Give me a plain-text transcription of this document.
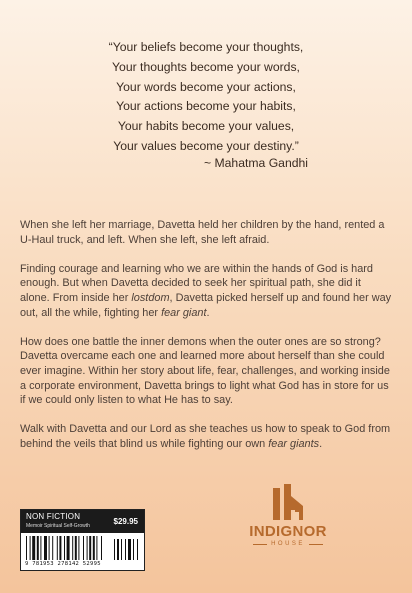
“Your beliefs become your thoughts,
Your thoughts become your words,
Your words become your actions,
Your actions become your habits,
Your habits become your values,
Your values become your destiny.”
~ Mahatma Gandhi

When she left her marriage, Davetta held her children by the hand, rented a U-Haul truck, and left. When she left, she left afraid.

Finding courage and learning who we are within the hands of God is hard enough. But when Davetta decided to seek her spiritual path, she did it alone. From inside her lostdom, Davetta picked herself up and found her way out, all the while, fighting her fear giant.

How does one battle the inner demons when the outer ones are so strong? Davetta overcame each one and learned more about herself than she could ever imagine. Within her story about life, fear, challenges, and working inside a corporate environment, Davetta brings to light what God has in store for us if we could only listen to what He has to say.

Walk with Davetta and our Lord as she teaches us how to speak to God from behind the veils that blind us while fighting our own fear giants.

NON FICTION
Memoir Spiritual Self-Growth	$29.95
9 781953 278142 52995
INDIGNOR
HOUSE
